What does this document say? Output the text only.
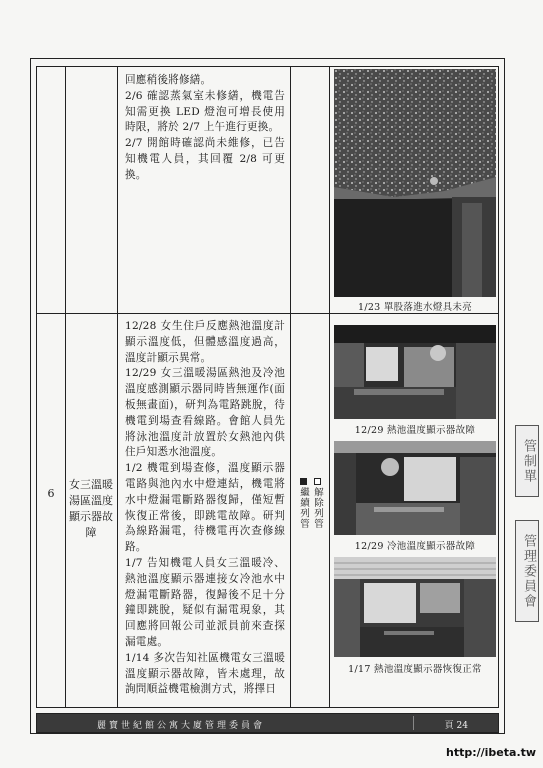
回應稍後將修繕。

2/6 確認蒸氣室未修繕，機電告知需更換 LED 燈泡可增長使用時限，將於 2/7 上午進行更換。

2/7 開館時確認尚未維修，已告知機電人員，其回覆 2/8 可更換。

1/23 單股落進水燈具未亮
6
女三溫暖湯區溫度顯示器故障
繼續列管 解除列管

12/28 女生住戶反應熱池溫度計顯示溫度低，但體感溫度過高，溫度計顯示異常。

12/29 女三溫暖湯區熱池及冷池溫度感測顯示器同時皆無運作(面板無畫面)，研判為電路跳脫，待機電到場查看線路。會館人員先將泳池溫度計放置於女熱池內供住戶知悉水池溫度。

1/2 機電到場查修，溫度顯示器電路與池內水中燈連結，機電將水中燈漏電斷路器復歸，僅短暫恢復正常後，即跳電故障。研判為線路漏電，待機電再次查修線路。

1/7 告知機電人員女三溫暖冷、熱池溫度顯示器連接女冷池水中燈漏電斷路器，復歸後不足十分鐘即跳脫，疑似有漏電現象，其回應將回報公司並派員前來查探漏電處。

1/14 多次告知社區機電女三溫暖溫度顯示器故障，皆未處理，故詢問順益機電檢測方式，將擇日

12/29 熱池溫度顯示器故障
12/29 冷池溫度顯示器故障
1/17 熱池溫度顯示器恢復正常
麗寶世紀館公寓大廈管理委員會	頁 24
管制單
管理委員會
http://ibeta.tw
